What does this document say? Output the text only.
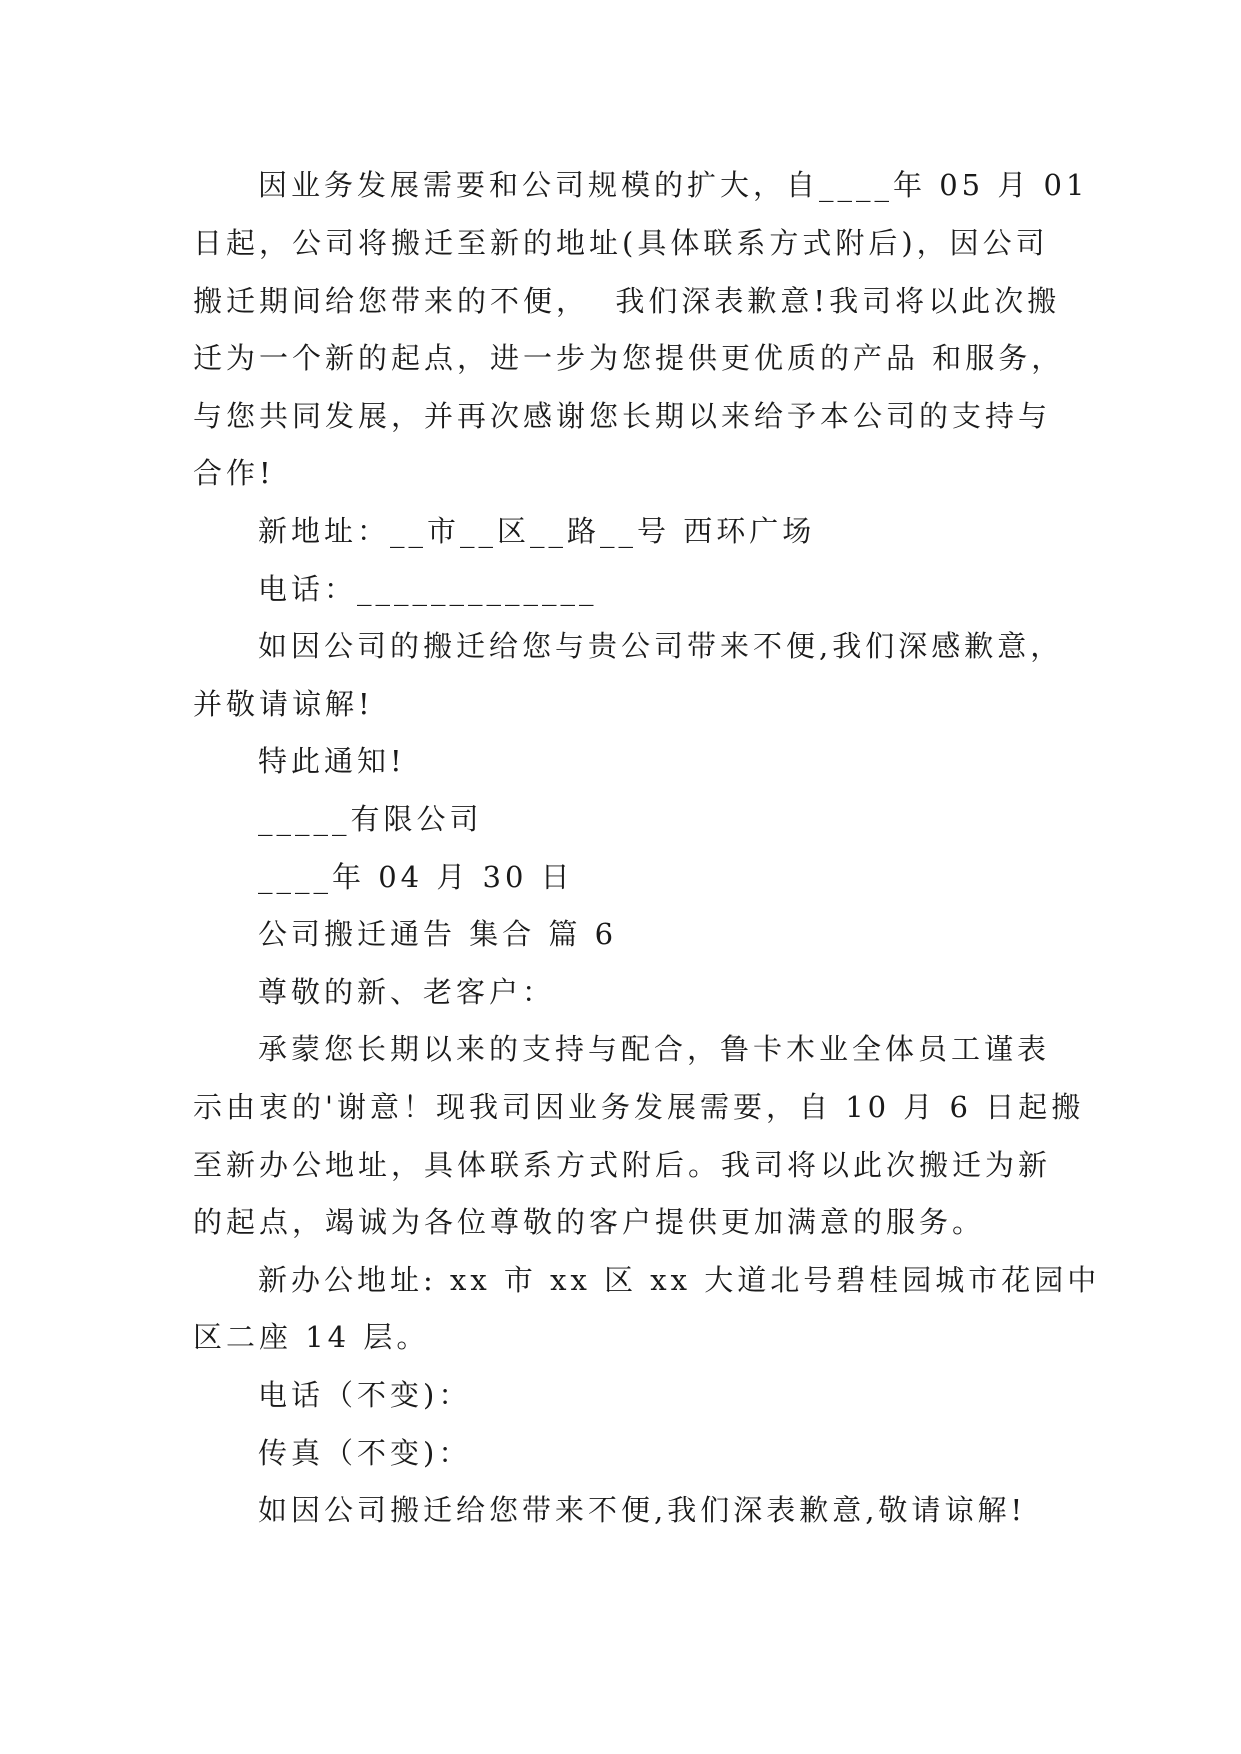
因业务发展需要和公司规模的扩大，自____年 05 月 01
日起，公司将搬迁至新的地址(具体联系方式附后)，因公司
搬迁期间给您带来的不便，  我们深表歉意!我司将以此次搬
迁为一个新的起点，进一步为您提供更优质的产品 和服务，
与您共同发展，并再次感谢您长期以来给予本公司的支持与
合作!
新地址：__市__区__路__号 西环广场
电话：_____________
如因公司的搬迁给您与贵公司带来不便,我们深感歉意，
并敬请谅解!
特此通知!
_____有限公司
____年 04 月 30 日
公司搬迁通告 集合 篇 6
尊敬的新、老客户：
承蒙您长期以来的支持与配合，鲁卡木业全体员工谨表
示由衷的'谢意！现我司因业务发展需要，自 10 月 6 日起搬
至新办公地址，具体联系方式附后。我司将以此次搬迁为新
的起点，竭诚为各位尊敬的客户提供更加满意的服务。
新办公地址: xx 市 xx 区 xx 大道北号碧桂园城市花园中
区二座 14 层。
电话（不变)：
传真（不变)：
如因公司搬迁给您带来不便,我们深表歉意,敬请谅解!
